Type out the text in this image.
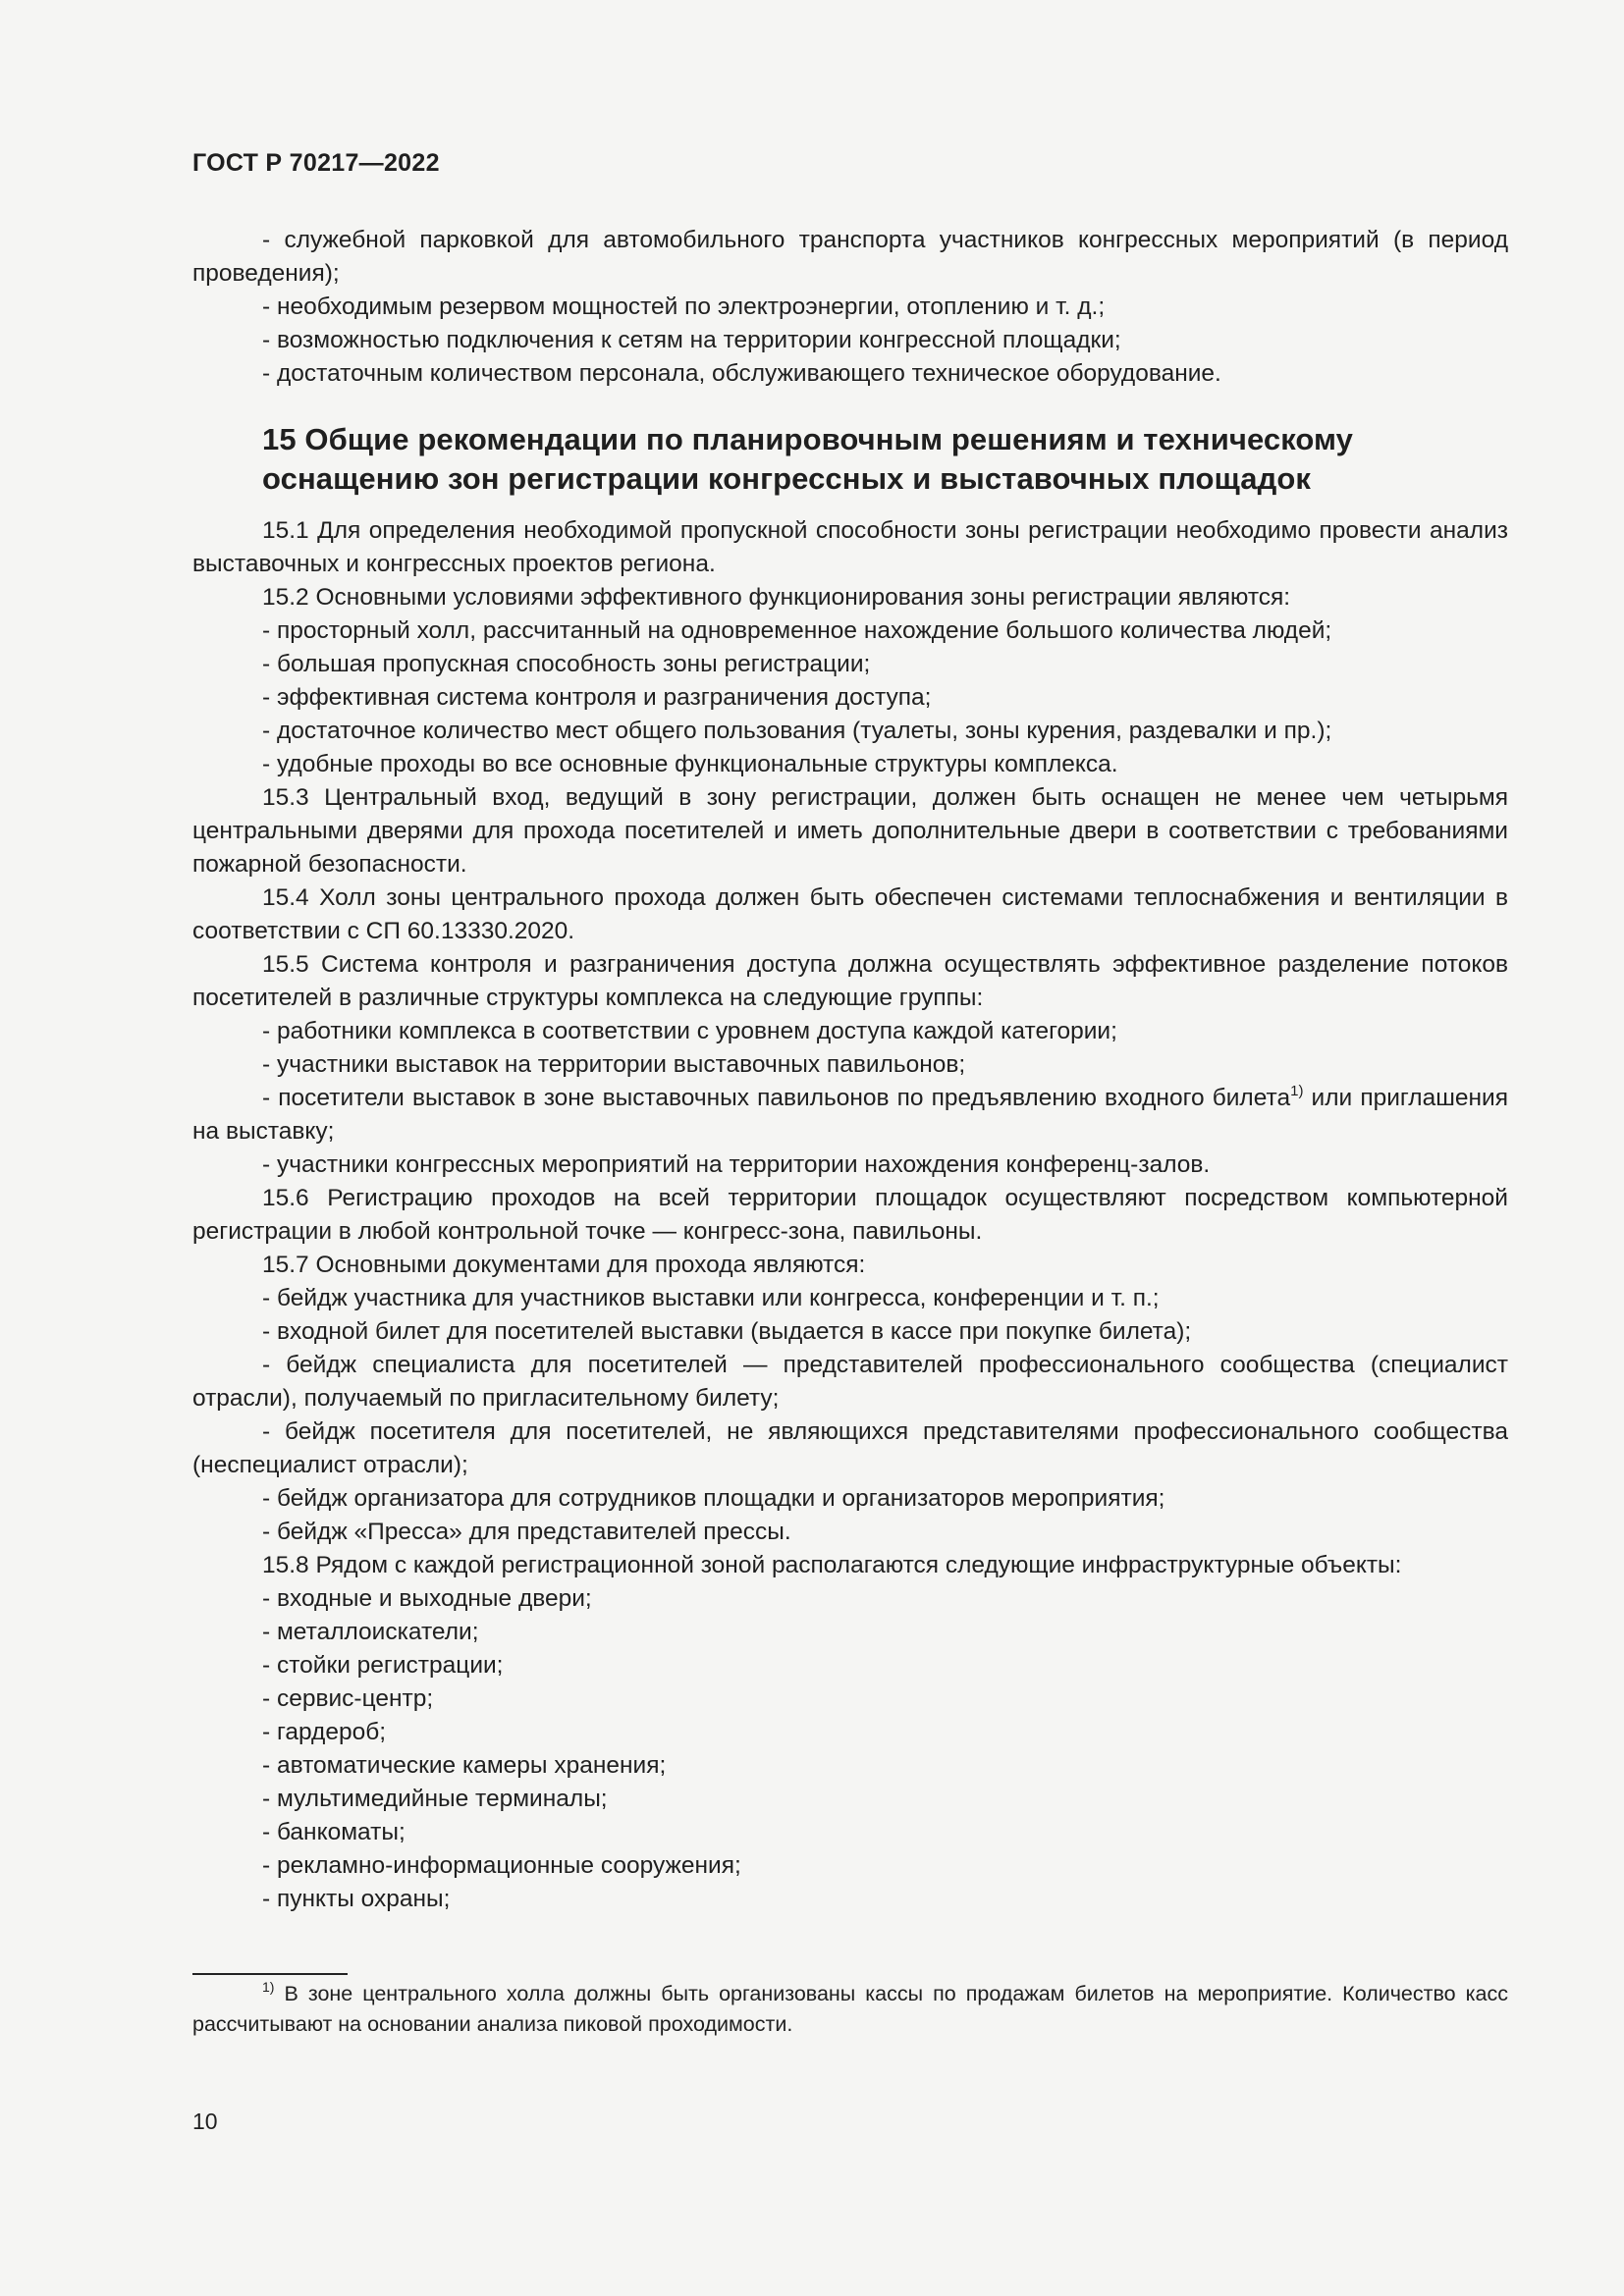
ГОСТ Р 70217—2022

- служебной парковкой для автомобильного транспорта участников конгрессных мероприятий (в период проведения);

- необходимым резервом мощностей по электроэнергии, отоплению и т. д.;

- возможностью подключения к сетям на территории конгрессной площадки;

- достаточным количеством персонала, обслуживающего техническое оборудование.

15 Общие рекомендации по планировочным решениям и техническому оснащению зон регистрации конгрессных и выставочных площадок

15.1 Для определения необходимой пропускной способности зоны регистрации необходимо провести анализ выставочных и конгрессных проектов региона.

15.2 Основными условиями эффективного функционирования зоны регистрации являются:

- просторный холл, рассчитанный на одновременное нахождение большого количества людей;

- большая пропускная способность зоны регистрации;

- эффективная система контроля и разграничения доступа;

- достаточное количество мест общего пользования (туалеты, зоны курения, раздевалки и пр.);

- удобные проходы во все основные функциональные структуры комплекса.

15.3 Центральный вход, ведущий в зону регистрации, должен быть оснащен не менее чем четырьмя центральными дверями для прохода посетителей и иметь дополнительные двери в соответствии с требованиями пожарной безопасности.

15.4 Холл зоны центрального прохода должен быть обеспечен системами теплоснабжения и вентиляции в соответствии с СП 60.13330.2020.

15.5 Система контроля и разграничения доступа должна осуществлять эффективное разделение потоков посетителей в различные структуры комплекса на следующие группы:

- работники комплекса в соответствии с уровнем доступа каждой категории;

- участники выставок на территории выставочных павильонов;

- посетители выставок в зоне выставочных павильонов по предъявлению входного билета$^{1)}$ или приглашения на выставку;

- участники конгрессных мероприятий на территории нахождения конференц-залов.

15.6 Регистрацию проходов на всей территории площадок осуществляют посредством компьютерной регистрации в любой контрольной точке — конгресс-зона, павильоны.

15.7 Основными документами для прохода являются:

- бейдж участника для участников выставки или конгресса, конференции и т. п.;

- входной билет для посетителей выставки (выдается в кассе при покупке билета);

- бейдж специалиста для посетителей — представителей профессионального сообщества (специалист отрасли), получаемый по пригласительному билету;

- бейдж посетителя для посетителей, не являющихся представителями профессионального сообщества (неспециалист отрасли);

- бейдж организатора для сотрудников площадки и организаторов мероприятия;

- бейдж «Пресса» для представителей прессы.

15.8 Рядом с каждой регистрационной зоной располагаются следующие инфраструктурные объекты:

- входные и выходные двери;

- металлоискатели;

- стойки регистрации;

- сервис-центр;

- гардероб;

- автоматические камеры хранения;

- мультимедийные терминалы;

- банкоматы;

- рекламно-информационные сооружения;

- пункты охраны;

$^{1)}$ В зоне центрального холла должны быть организованы кассы по продажам билетов на мероприятие. Количество касс рассчитывают на основании анализа пиковой проходимости.

10
